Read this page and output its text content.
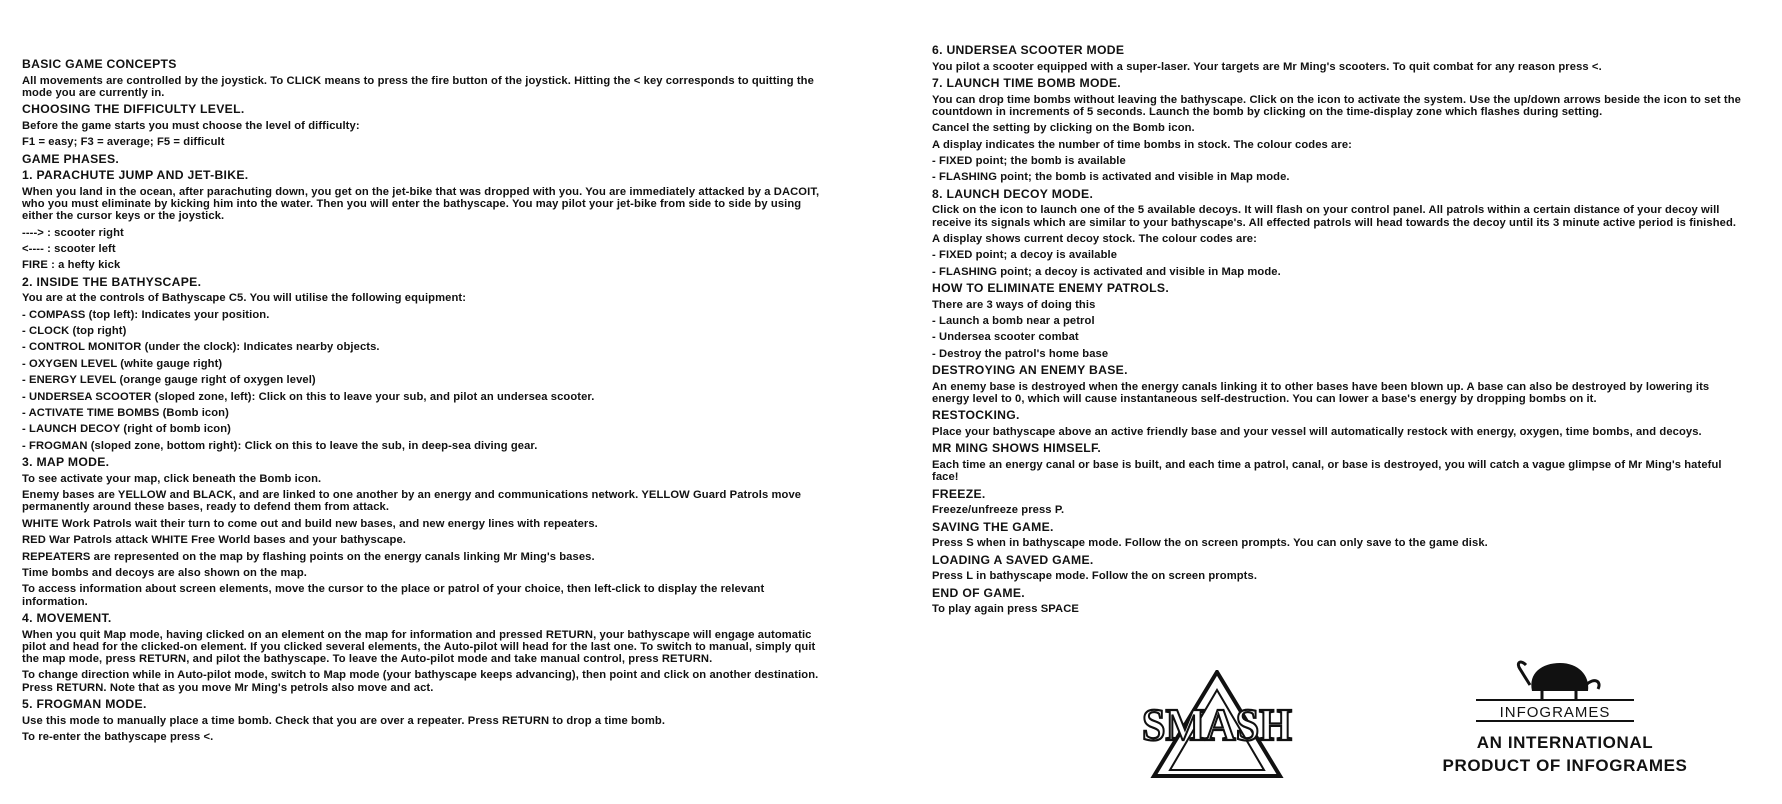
BASIC GAME CONCEPTS
All movements are controlled by the joystick. To CLICK means to press the fire button of the joystick. Hitting the < key corresponds to quitting the mode you are currently in.
CHOOSING THE DIFFICULTY LEVEL.
Before the game starts you must choose the level of difficulty:
F1 = easy; F3 = average; F5 = difficult
GAME PHASES.
1. PARACHUTE JUMP AND JET-BIKE.
When you land in the ocean, after parachuting down, you get on the jet-bike that was dropped with you. You are immediately attacked by a DACOIT, who you must eliminate by kicking him into the water. Then you will enter the bathyscape. You may pilot your jet-bike from side to side by using either the cursor keys or the joystick.
----> : scooter right
<---- : scooter left
FIRE : a hefty kick
2. INSIDE THE BATHYSCAPE.
You are at the controls of Bathyscape C5. You will utilise the following equipment:
- COMPASS (top left): Indicates your position.
- CLOCK (top right)
- CONTROL MONITOR (under the clock): Indicates nearby objects.
- OXYGEN LEVEL (white gauge right)
- ENERGY LEVEL (orange gauge right of oxygen level)
- UNDERSEA SCOOTER (sloped zone, left): Click on this to leave your sub, and pilot an undersea scooter.
- ACTIVATE TIME BOMBS (Bomb icon)
- LAUNCH DECOY (right of bomb icon)
- FROGMAN (sloped zone, bottom right): Click on this to leave the sub, in deep-sea diving gear.
3. MAP MODE.
To see activate your map, click beneath the Bomb icon.
Enemy bases are YELLOW and BLACK, and are linked to one another by an energy and communications network. YELLOW Guard Patrols move permanently around these bases, ready to defend them from attack.
WHITE Work Patrols wait their turn to come out and build new bases, and new energy lines with repeaters.
RED War Patrols attack WHITE Free World bases and your bathyscape.
REPEATERS are represented on the map by flashing points on the energy canals linking Mr Ming's bases.
Time bombs and decoys are also shown on the map.
To access information about screen elements, move the cursor to the place or patrol of your choice, then left-click to display the relevant information.
4. MOVEMENT.
When you quit Map mode, having clicked on an element on the map for information and pressed RETURN, your bathyscape will engage automatic pilot and head for the clicked-on element. If you clicked several elements, the Auto-pilot will head for the last one. To switch to manual, simply quit the map mode, press RETURN, and pilot the bathyscape. To leave the Auto-pilot mode and take manual control, press RETURN.
To change direction while in Auto-pilot mode, switch to Map mode (your bathyscape keeps advancing), then point and click on another destination. Press RETURN. Note that as you move Mr Ming's petrols also move and act.
5. FROGMAN MODE.
Use this mode to manually place a time bomb. Check that you are over a repeater. Press RETURN to drop a time bomb.
To re-enter the bathyscape press <.
6. UNDERSEA SCOOTER MODE
You pilot a scooter equipped with a super-laser. Your targets are Mr Ming's scooters. To quit combat for any reason press <.
7. LAUNCH TIME BOMB MODE.
You can drop time bombs without leaving the bathyscape. Click on the icon to activate the system. Use the up/down arrows beside the icon to set the countdown in increments of 5 seconds. Launch the bomb by clicking on the time-display zone which flashes during setting.
Cancel the setting by clicking on the Bomb icon.
A display indicates the number of time bombs in stock. The colour codes are:
- FIXED point; the bomb is available
- FLASHING point; the bomb is activated and visible in Map mode.
8. LAUNCH DECOY MODE.
Click on the icon to launch one of the 5 available decoys. It will flash on your control panel. All patrols within a certain distance of your decoy will receive its signals which are similar to your bathyscape's. All effected patrols will head towards the decoy until its 3 minute active period is finished.
A display shows current decoy stock. The colour codes are:
- FIXED point; a decoy is available
- FLASHING point; a decoy is activated and visible in Map mode.
HOW TO ELIMINATE ENEMY PATROLS.
There are 3 ways of doing this
- Launch a bomb near a petrol
- Undersea scooter combat
- Destroy the patrol's home base
DESTROYING AN ENEMY BASE.
An enemy base is destroyed when the energy canals linking it to other bases have been blown up. A base can also be destroyed by lowering its energy level to 0, which will cause instantaneous self-destruction. You can lower a base's energy by dropping bombs on it.
RESTOCKING.
Place your bathyscape above an active friendly base and your vessel will automatically restock with energy, oxygen, time bombs, and decoys.
MR MING SHOWS HIMSELF.
Each time an energy canal or base is built, and each time a patrol, canal, or base is destroyed, you will catch a vague glimpse of Mr Ming's hateful face!
FREEZE.
Freeze/unfreeze press P.
SAVING THE GAME.
Press S when in bathyscape mode. Follow the on screen prompts. You can only save to the game disk.
LOADING A SAVED GAME.
Press L in bathyscape mode. Follow the on screen prompts.
END OF GAME.
To play again press SPACE
SMASH	INFOGRAMES
AN INTERNATIONAL
PRODUCT OF INFOGRAMES
